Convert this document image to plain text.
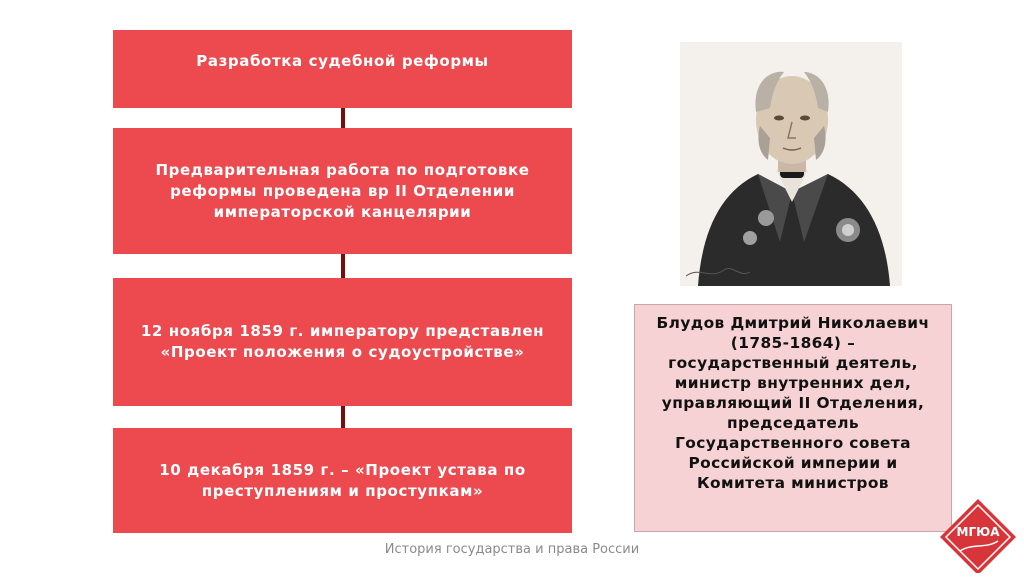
Разработка судебной реформы
Предварительная работа по подготовке
реформы проведена вр II Отделении
императорской канцелярии
12 ноября 1859 г. императору представлен
«Проект положения о судоустройстве»
10 декабря 1859 г. – «Проект устава по
преступлениям и проступкам»
Блудов Дмитрий Николаевич
(1785-1864) –
государственный деятель,
министр внутренних дел,
управляющий II Отделения,
председатель
Государственного совета
Российской империи и
Комитета министров
История государства и права России
МГЮА
